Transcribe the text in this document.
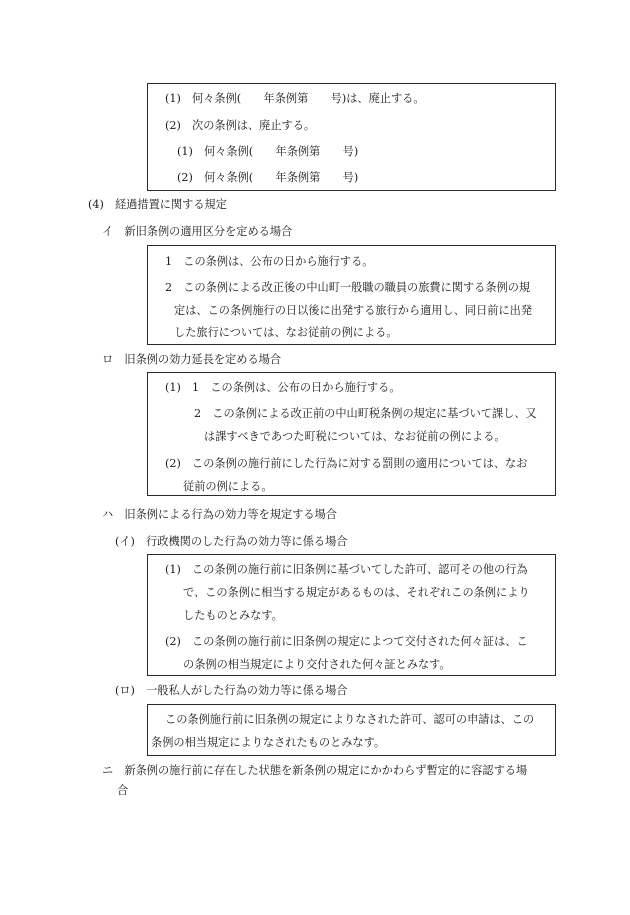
(1)　何々条例(　　年条例第　　号)は、廃止する。
(2)　次の条例は、廃止する。
(1)　何々条例(　　年条例第　　号)
(2)　何々条例(　　年条例第　　号)
(4)　経過措置に関する規定
イ　新旧条例の適用区分を定める場合
1　この条例は、公布の日から施行する。
2　この条例による改正後の中山町一般職の職員の旅費に関する条例の規
定は、この条例施行の日以後に出発する旅行から適用し、同日前に出発
した旅行については、なお従前の例による。
ロ　旧条例の効力延長を定める場合
(1)　1　この条例は、公布の日から施行する。
2　この条例による改正前の中山町税条例の規定に基づいて課し、又
は課すべきであつた町税については、なお従前の例による。
(2)　この条例の施行前にした行為に対する罰則の適用については、なお
従前の例による。
ハ　旧条例による行為の効力等を規定する場合
(イ)　行政機関のした行為の効力等に係る場合
(1)　この条例の施行前に旧条例に基づいてした許可、認可その他の行為
で、この条例に相当する規定があるものは、それぞれこの条例により
したものとみなす。
(2)　この条例の施行前に旧条例の規定によつて交付された何々証は、こ
の条例の相当規定により交付された何々証とみなす。
(ロ)　一般私人がした行為の効力等に係る場合
この条例施行前に旧条例の規定によりなされた許可、認可の申請は、この
条例の相当規定によりなされたものとみなす。
ニ　新条例の施行前に存在した状態を新条例の規定にかかわらず暫定的に容認する場
合
